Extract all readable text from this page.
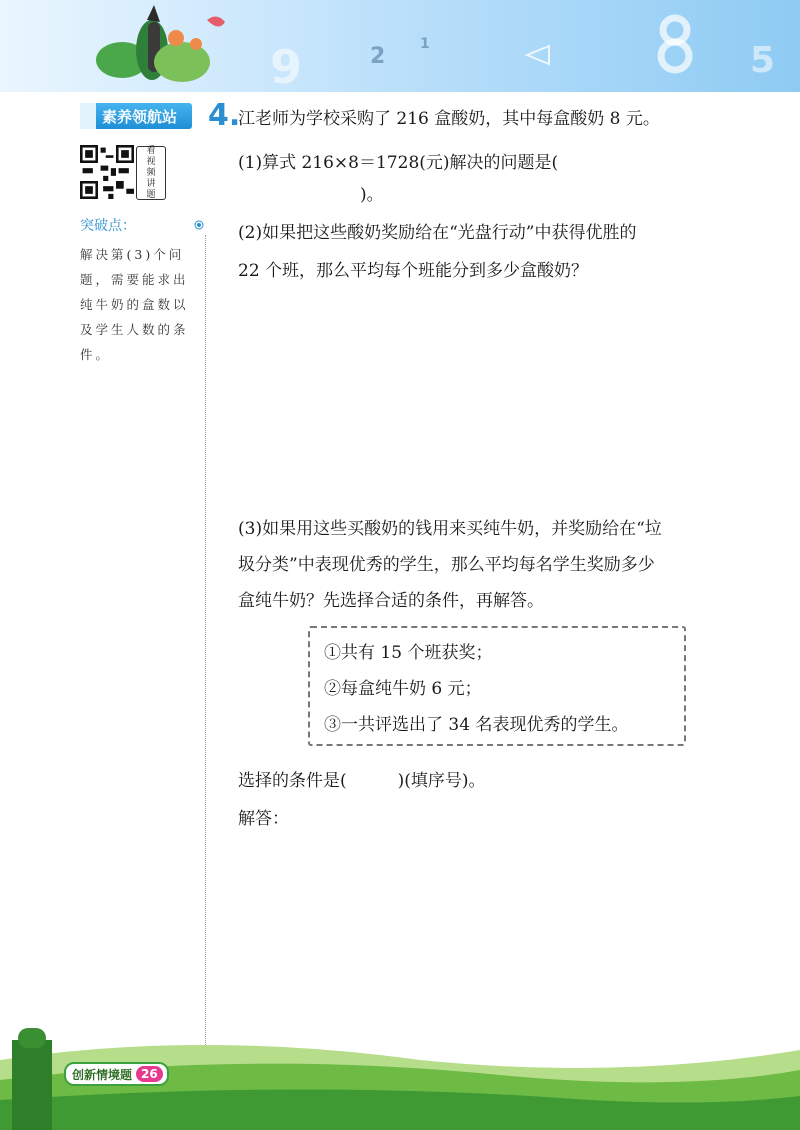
9	2 1	5
素养领航站
看
视
频
讲
题
突破点：
解决第(3)个问
题，需要能求出
纯牛奶的盒数以
及学生人数的条
件。
4.
江老师为学校采购了 216 盒酸奶，其中每盒酸奶 8 元。
(1)算式 216×8＝1728(元)解决的问题是(
)。
(2)如果把这些酸奶奖励给在“光盘行动”中获得优胜的
22 个班，那么平均每个班能分到多少盒酸奶？
(3)如果用这些买酸奶的钱用来买纯牛奶，并奖励给在“垃
圾分类”中表现优秀的学生，那么平均每名学生奖励多少
盒纯牛奶？先选择合适的条件，再解答。
①共有 15 个班获奖；
②每盒纯牛奶 6 元；
③一共评选出了 34 名表现优秀的学生。
选择的条件是(　　　)(填序号)。
解答：
创新情境题 26
